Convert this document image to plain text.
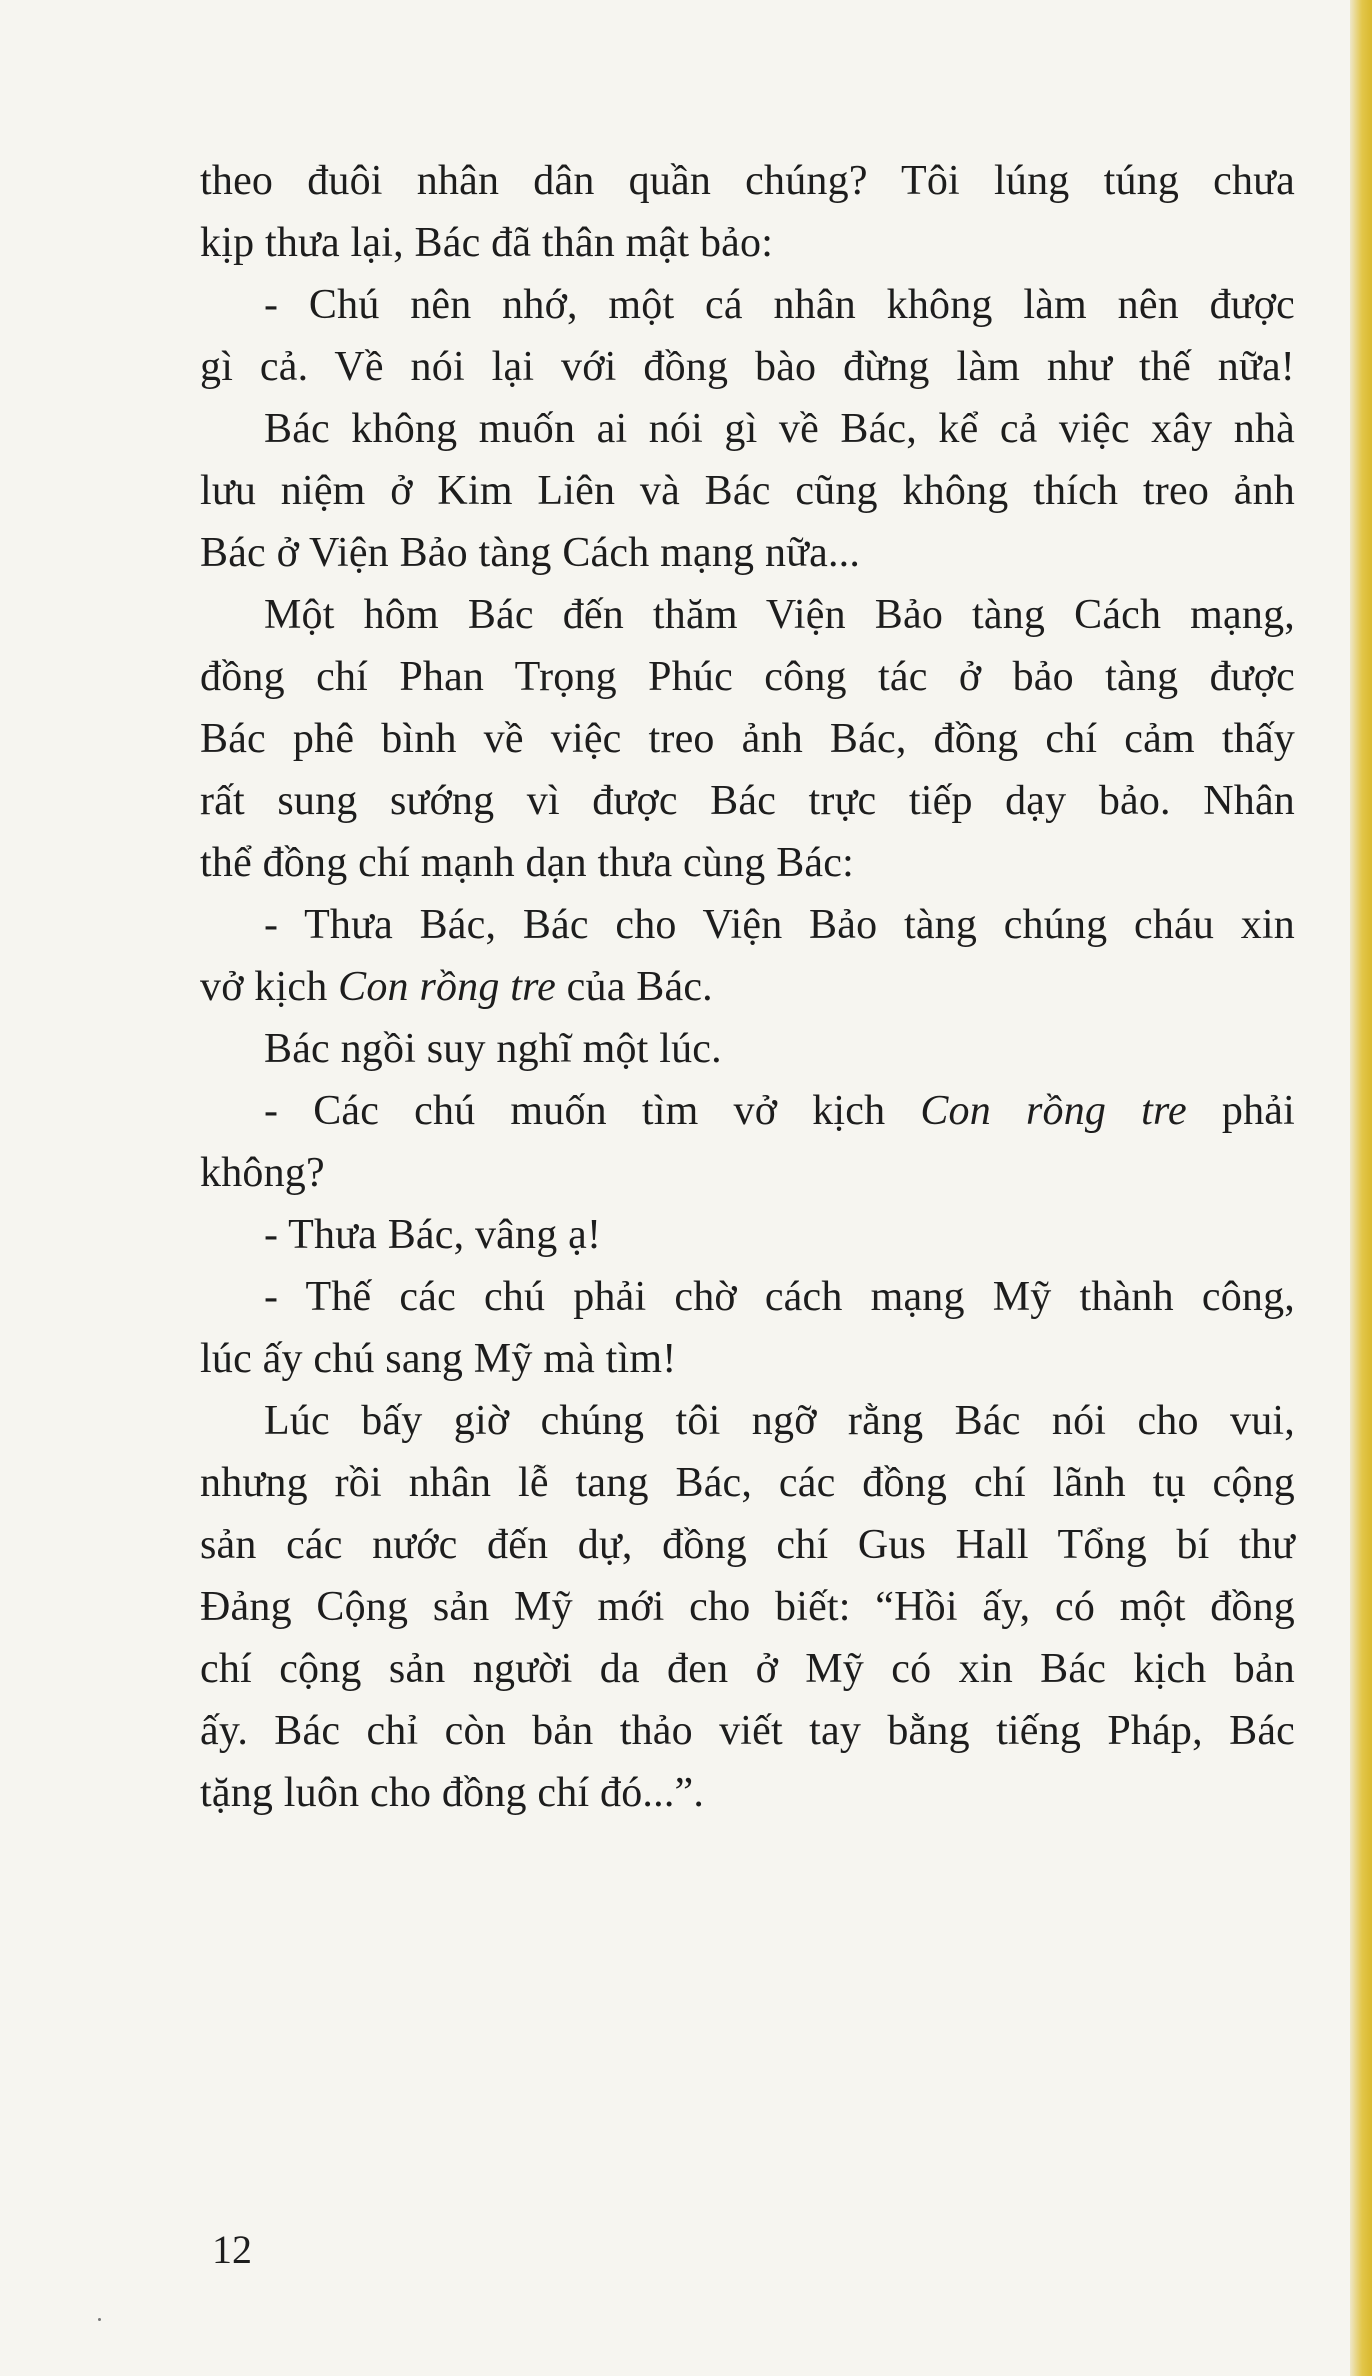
theo đuôi nhân dân quần chúng? Tôi lúng túng chưa
kịp thưa lại, Bác đã thân mật bảo:

- Chú nên nhớ, một cá nhân không làm nên được
gì cả. Về nói lại với đồng bào đừng làm như thế nữa!

Bác không muốn ai nói gì về Bác, kể cả việc xây nhà
lưu niệm ở Kim Liên và Bác cũng không thích treo ảnh
Bác ở Viện Bảo tàng Cách mạng nữa...

Một hôm Bác đến thăm Viện Bảo tàng Cách mạng,
đồng chí Phan Trọng Phúc công tác ở bảo tàng được
Bác phê bình về việc treo ảnh Bác, đồng chí cảm thấy
rất sung sướng vì được Bác trực tiếp dạy bảo. Nhân
thể đồng chí mạnh dạn thưa cùng Bác:

- Thưa Bác, Bác cho Viện Bảo tàng chúng cháu xin
vở kịch Con rồng tre của Bác.

Bác ngồi suy nghĩ một lúc.

- Các chú muốn tìm vở kịch Con rồng tre phải
không?

- Thưa Bác, vâng ạ!

- Thế các chú phải chờ cách mạng Mỹ thành công,
lúc ấy chú sang Mỹ mà tìm!

Lúc bấy giờ chúng tôi ngỡ rằng Bác nói cho vui,
nhưng rồi nhân lễ tang Bác, các đồng chí lãnh tụ cộng
sản các nước đến dự, đồng chí Gus Hall Tổng bí thư
Đảng Cộng sản Mỹ mới cho biết: “Hồi ấy, có một đồng
chí cộng sản người da đen ở Mỹ có xin Bác kịch bản
ấy. Bác chỉ còn bản thảo viết tay bằng tiếng Pháp, Bác
tặng luôn cho đồng chí đó...”.

12
